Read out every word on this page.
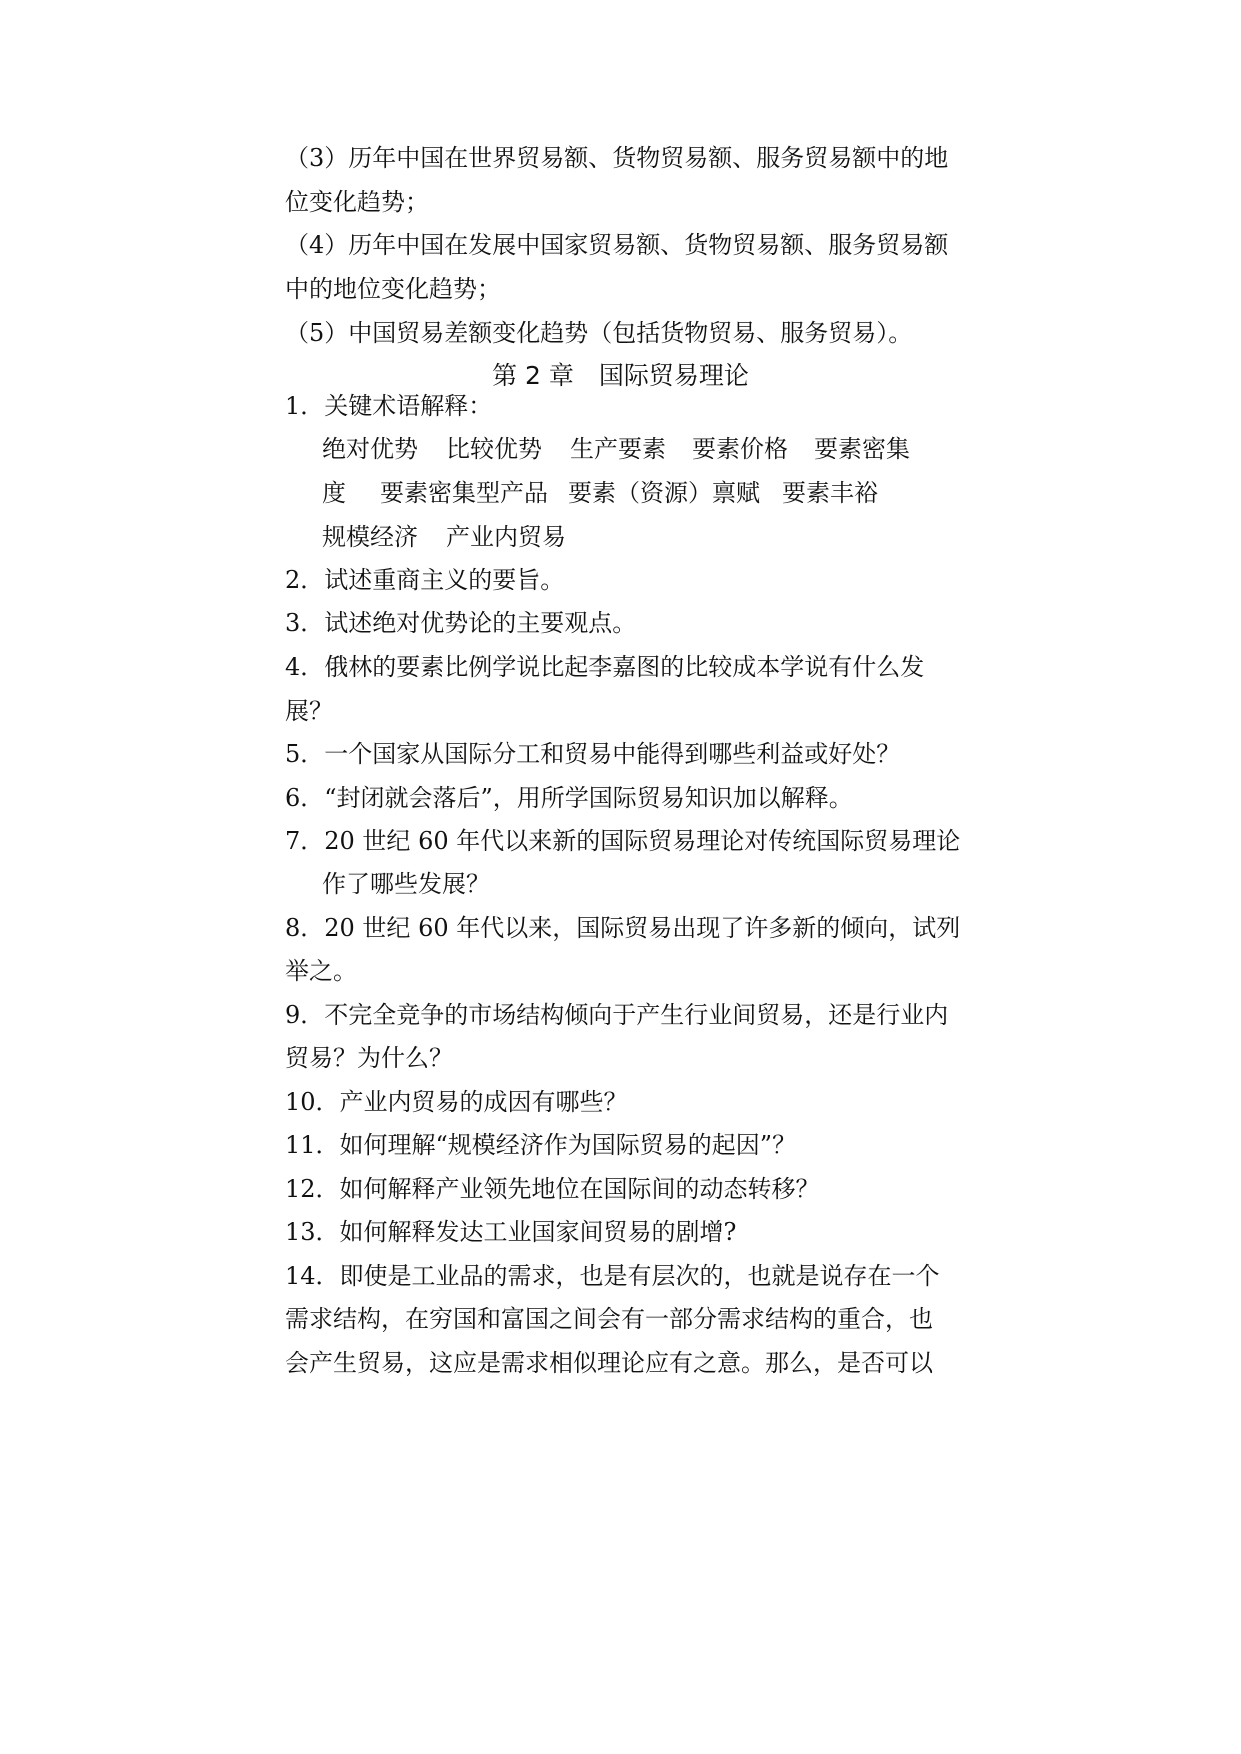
（3）历年中国在世界贸易额、货物贸易额、服务贸易额中的地
位变化趋势；
（4）历年中国在发展中国家贸易额、货物贸易额、服务贸易额
中的地位变化趋势；
（5）中国贸易差额变化趋势（包括货物贸易、服务贸易）。
第 2 章　国际贸易理论
1．关键术语解释：
绝对优势 比较优势 生产要素 要素价格 要素密集
度 要素密集型产品 要素（资源）禀赋 要素丰裕
规模经济 产业内贸易
2．试述重商主义的要旨。
3．试述绝对优势论的主要观点。
4．俄林的要素比例学说比起李嘉图的比较成本学说有什么发
展？
5．一个国家从国际分工和贸易中能得到哪些利益或好处？
6．“封闭就会落后”，用所学国际贸易知识加以解释。
7．20 世纪 60 年代以来新的国际贸易理论对传统国际贸易理论
作了哪些发展？
8．20 世纪 60 年代以来，国际贸易出现了许多新的倾向，试列
举之。
9．不完全竞争的市场结构倾向于产生行业间贸易，还是行业内
贸易？为什么？
10．产业内贸易的成因有哪些？
11．如何理解“规模经济作为国际贸易的起因”？
12．如何解释产业领先地位在国际间的动态转移？
13．如何解释发达工业国家间贸易的剧增?
14．即使是工业品的需求，也是有层次的，也就是说存在一个
需求结构，在穷国和富国之间会有一部分需求结构的重合，也
会产生贸易，这应是需求相似理论应有之意。那么，是否可以
